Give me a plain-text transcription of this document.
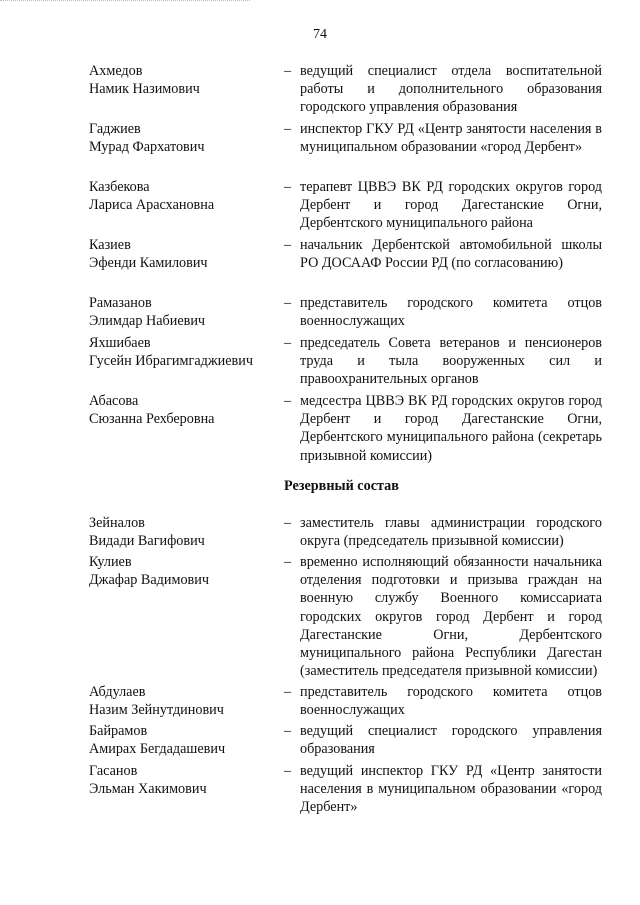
74
Ахмедов
Намик Назимович
– ведущий специалист отдела воспитательной работы и дополнительного образования городского управления образования
Гаджиев
Мурад Фархатович
– инспектор ГКУ РД «Центр занятости населения в муниципальном образовании «город Дербент»
Казбекова
Лариса Арасхановна
– терапевт ЦВВЭ ВК РД городских округов город Дербент и город Дагестанские Огни, Дербентского муниципального района
Казиев
Эфенди Камилович
– начальник Дербентской автомобильной школы РО ДОСААФ России РД (по согласованию)
Рамазанов
Элимдар Набиевич
– представитель городского комитета отцов военнослужащих
Яхшибаев
Гусейн Ибрагимгаджиевич
– председатель Совета ветеранов и пенсионеров труда и тыла вооруженных сил и правоохранительных органов
Абасова
Сюзанна Рехберовна
– медсестра ЦВВЭ ВК РД городских округов город Дербент и город Дагестанские Огни, Дербентского муниципального района (секретарь призывной комиссии)
Резервный состав
Зейналов
Видади Вагифович
– заместитель главы администрации городского округа (председатель призывной комиссии)
Кулиев
Джафар Вадимович
– временно исполняющий обязанности начальника отделения подготовки и призыва граждан на военную службу Военного комиссариата городских округов город Дербент и город Дагестанские Огни, Дербентского муниципального района Республики Дагестан (заместитель председателя призывной комиссии)
Абдулаев
Назим Зейнутдинович
– представитель городского комитета отцов военнослужащих
Байрамов
Амирах Бегдадашевич
– ведущий специалист городского управления образования
Гасанов
Эльман Хакимович
– ведущий инспектор ГКУ РД «Центр занятости населения в муниципальном образовании «город Дербент»
